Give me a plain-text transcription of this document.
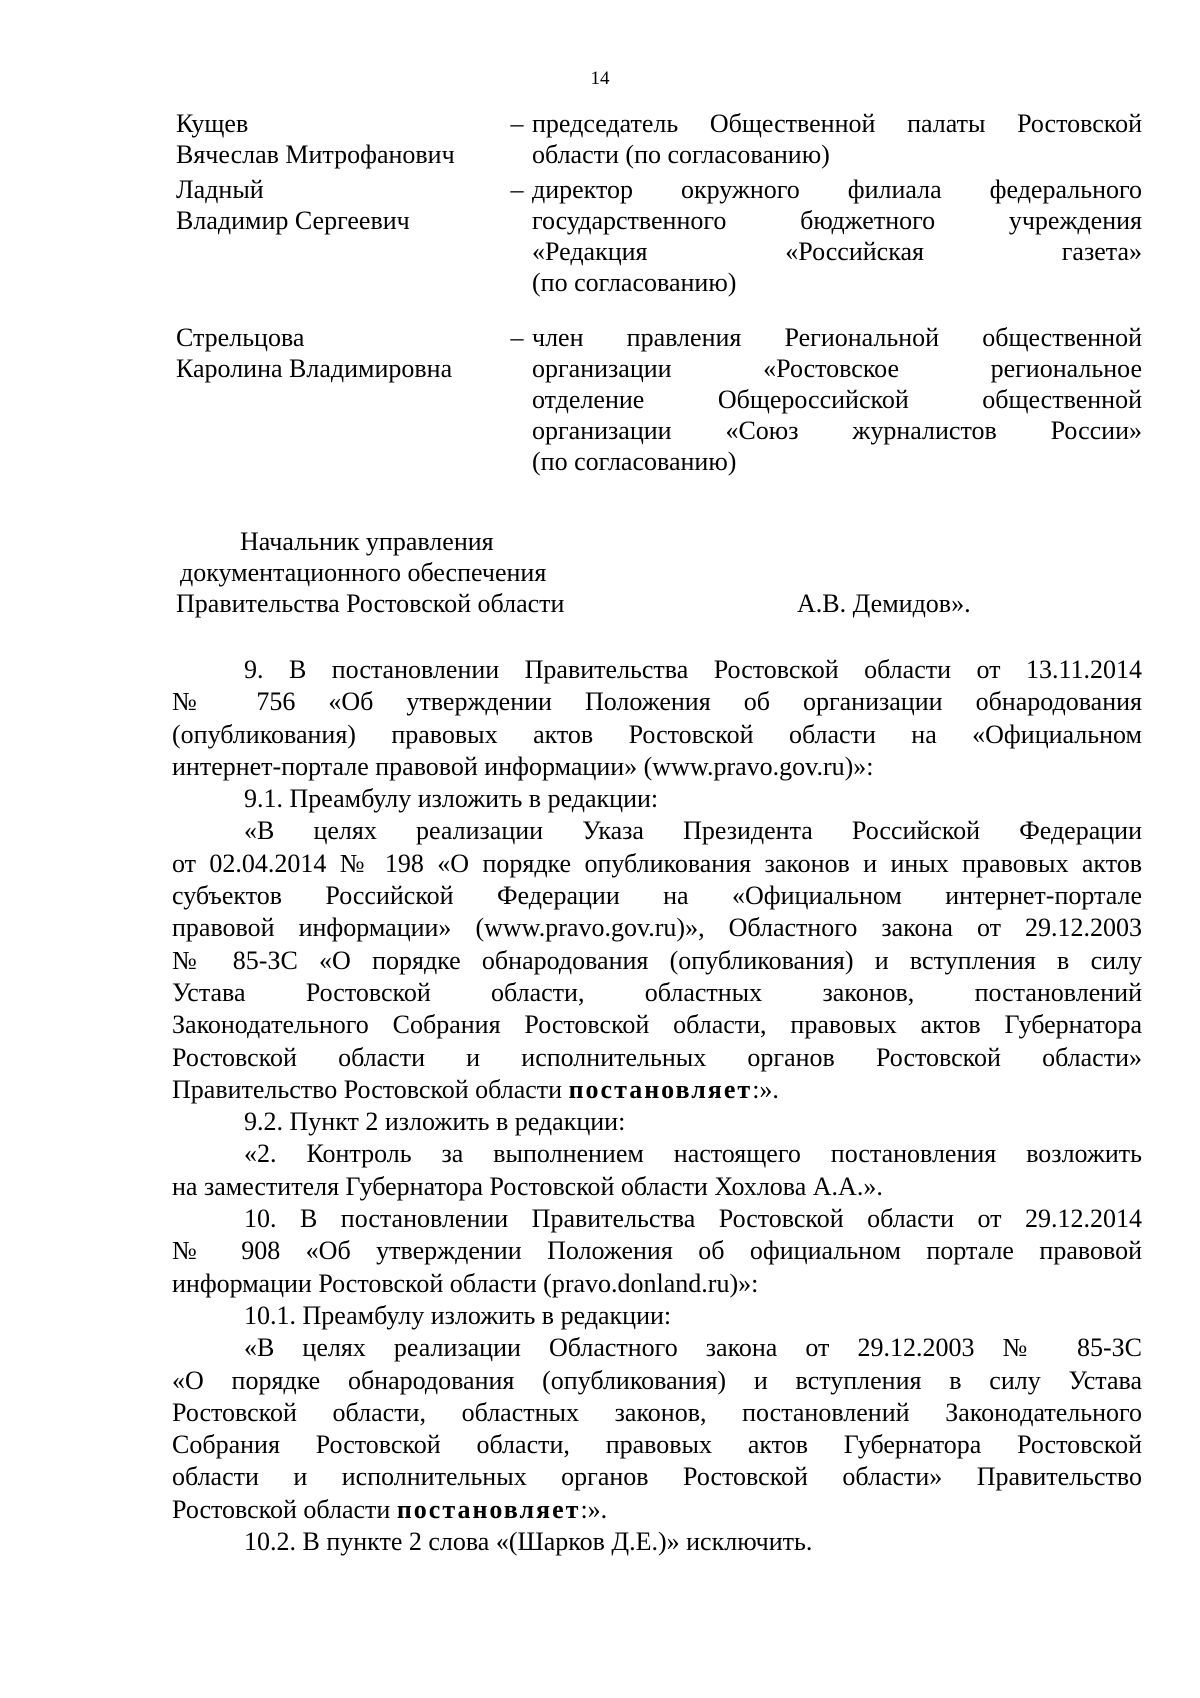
14
Кущев
Вячеслав Митрофанович
– председатель Общественной палаты Ростовской
области (по согласованию)
Ладный
Владимир Сергеевич
– директор окружного филиала федерального
государственного бюджетного учреждения
«Редакция «Российская газета»
(по согласованию)
Стрельцова
Каролина Владимировна
– член правления Региональной общественной
организации «Ростовское региональное
отделение Общероссийской общественной
организации «Союз журналистов России»
(по согласованию)
Начальник управления
документационного обеспечения
Правительства Ростовской области	А.В. Демидов».
9. В постановлении Правительства Ростовской области от 13.11.2014
№ 756 «Об утверждении Положения об организации обнародования
(опубликования) правовых актов Ростовской области на «Официальном
интернет-портале правовой информации» (www.pravo.gov.ru)»:
9.1. Преамбулу изложить в редакции:
«В целях реализации Указа Президента Российской Федерации
от 02.04.2014 № 198 «О порядке опубликования законов и иных правовых актов
субъектов Российской Федерации на «Официальном интернет-портале
правовой информации» (www.pravo.gov.ru)», Областного закона от 29.12.2003
№ 85-ЗС «О порядке обнародования (опубликования) и вступления в силу
Устава Ростовской области, областных законов, постановлений
Законодательного Собрания Ростовской области, правовых актов Губернатора
Ростовской области и исполнительных органов Ростовской области»
Правительство Ростовской области постановляет:».
9.2. Пункт 2 изложить в редакции:
«2. Контроль за выполнением настоящего постановления возложить
на заместителя Губернатора Ростовской области Хохлова А.А.».
10. В постановлении Правительства Ростовской области от 29.12.2014
№ 908 «Об утверждении Положения об официальном портале правовой
информации Ростовской области (pravo.donland.ru)»:
10.1. Преамбулу изложить в редакции:
«В целях реализации Областного закона от 29.12.2003 № 85-ЗС
«О порядке обнародования (опубликования) и вступления в силу Устава
Ростовской области, областных законов, постановлений Законодательного
Собрания Ростовской области, правовых актов Губернатора Ростовской
области и исполнительных органов Ростовской области» Правительство
Ростовской области постановляет:».
10.2. В пункте 2 слова «(Шарков Д.Е.)» исключить.
